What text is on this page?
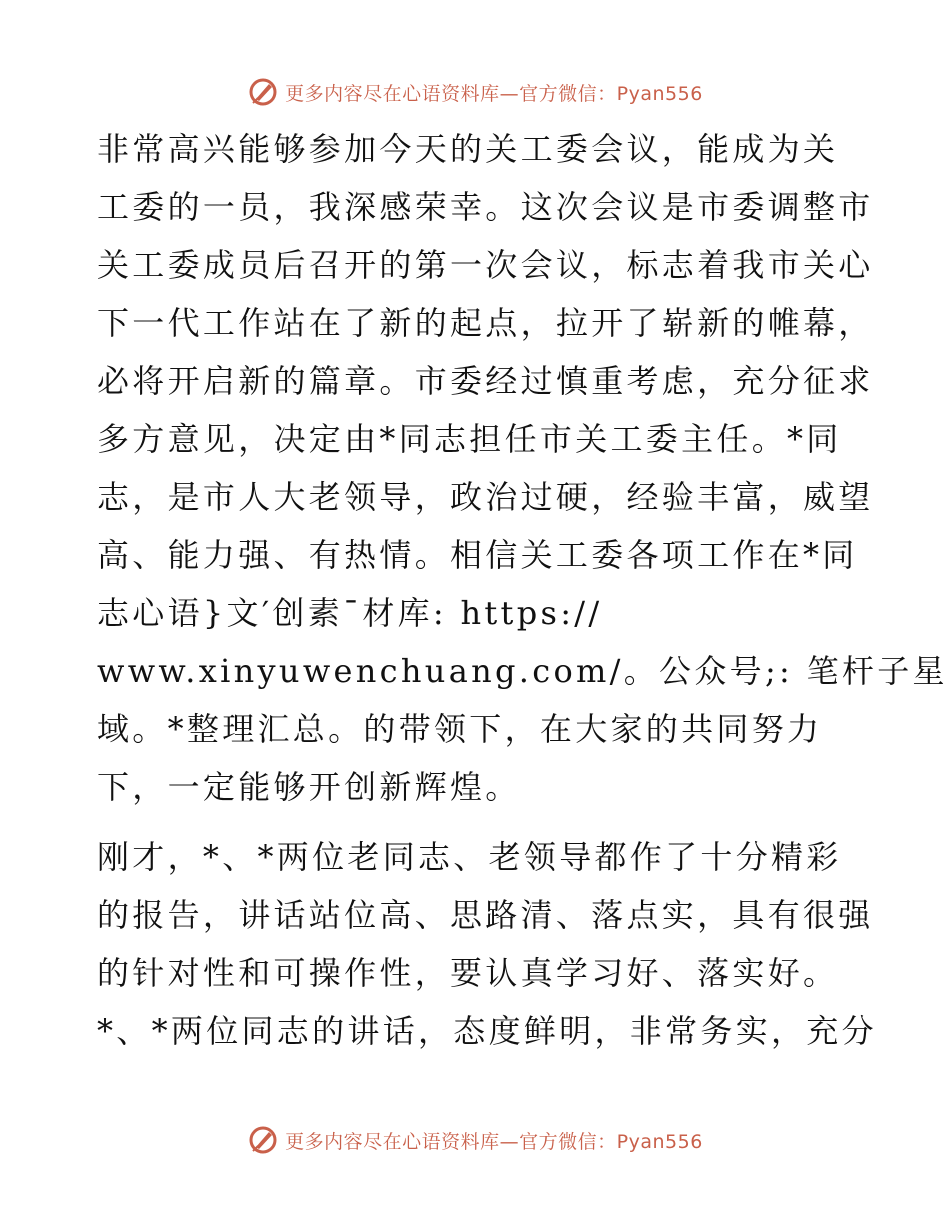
更多内容尽在心语资料库—官方微信：Pyan556
非常高兴能够参加今天的关工委会议，能成为关
工委的一员，我深感荣幸。这次会议是市委调整市
关工委成员后召开的第一次会议，标志着我市关心
下一代工作站在了新的起点，拉开了崭新的帷幕，
必将开启新的篇章。市委经过慎重考虑，充分征求
多方意见，决定由*同志担任市关工委主任。*同
志，是市人大老领导，政治过硬，经验丰富，威望
高、能力强、有热情。相信关工委各项工作在*同
志心语}文′创素¯材库: https://
www.xinyuwenchuang.com/。公众号;: 笔杆子星
域。*整理汇总。的带领下，在大家的共同努力
下，一定能够开创新辉煌。
刚才，*、*两位老同志、老领导都作了十分精彩
的报告，讲话站位高、思路清、落点实，具有很强
的针对性和可操作性，要认真学习好、落实好。
*、*两位同志的讲话，态度鲜明，非常务实，充分
更多内容尽在心语资料库—官方微信：Pyan556
